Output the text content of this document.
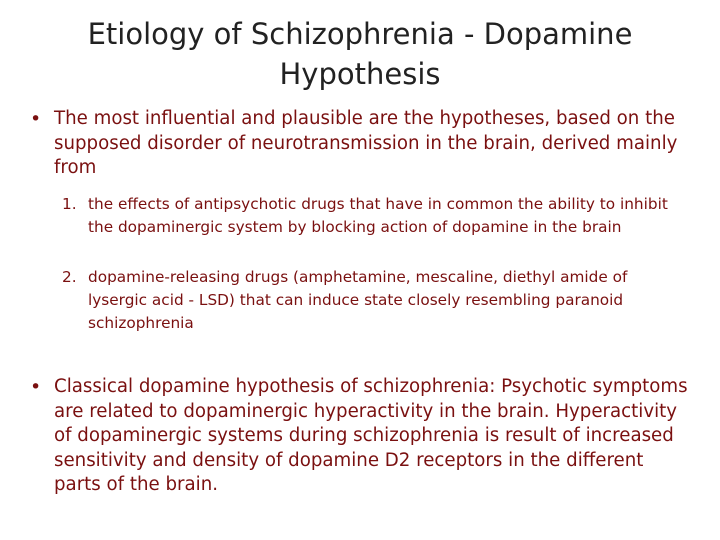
Etiology of Schizophrenia - Dopamine Hypothesis
• The most influential and plausible are the hypotheses, based on the supposed disorder of neurotransmission in the brain, derived mainly from
1. the effects of antipsychotic drugs that have in common the ability to inhibit the dopaminergic system by blocking action of dopamine in the brain
2. dopamine-releasing drugs (amphetamine, mescaline, diethyl amide of lysergic acid - LSD) that can induce state closely resembling paranoid schizophrenia
• Classical dopamine hypothesis of schizophrenia: Psychotic symptoms are related to dopaminergic hyperactivity in the brain. Hyperactivity of dopaminergic systems during schizophrenia is result of increased sensitivity and density of dopamine D2 receptors in the different parts of the brain.
